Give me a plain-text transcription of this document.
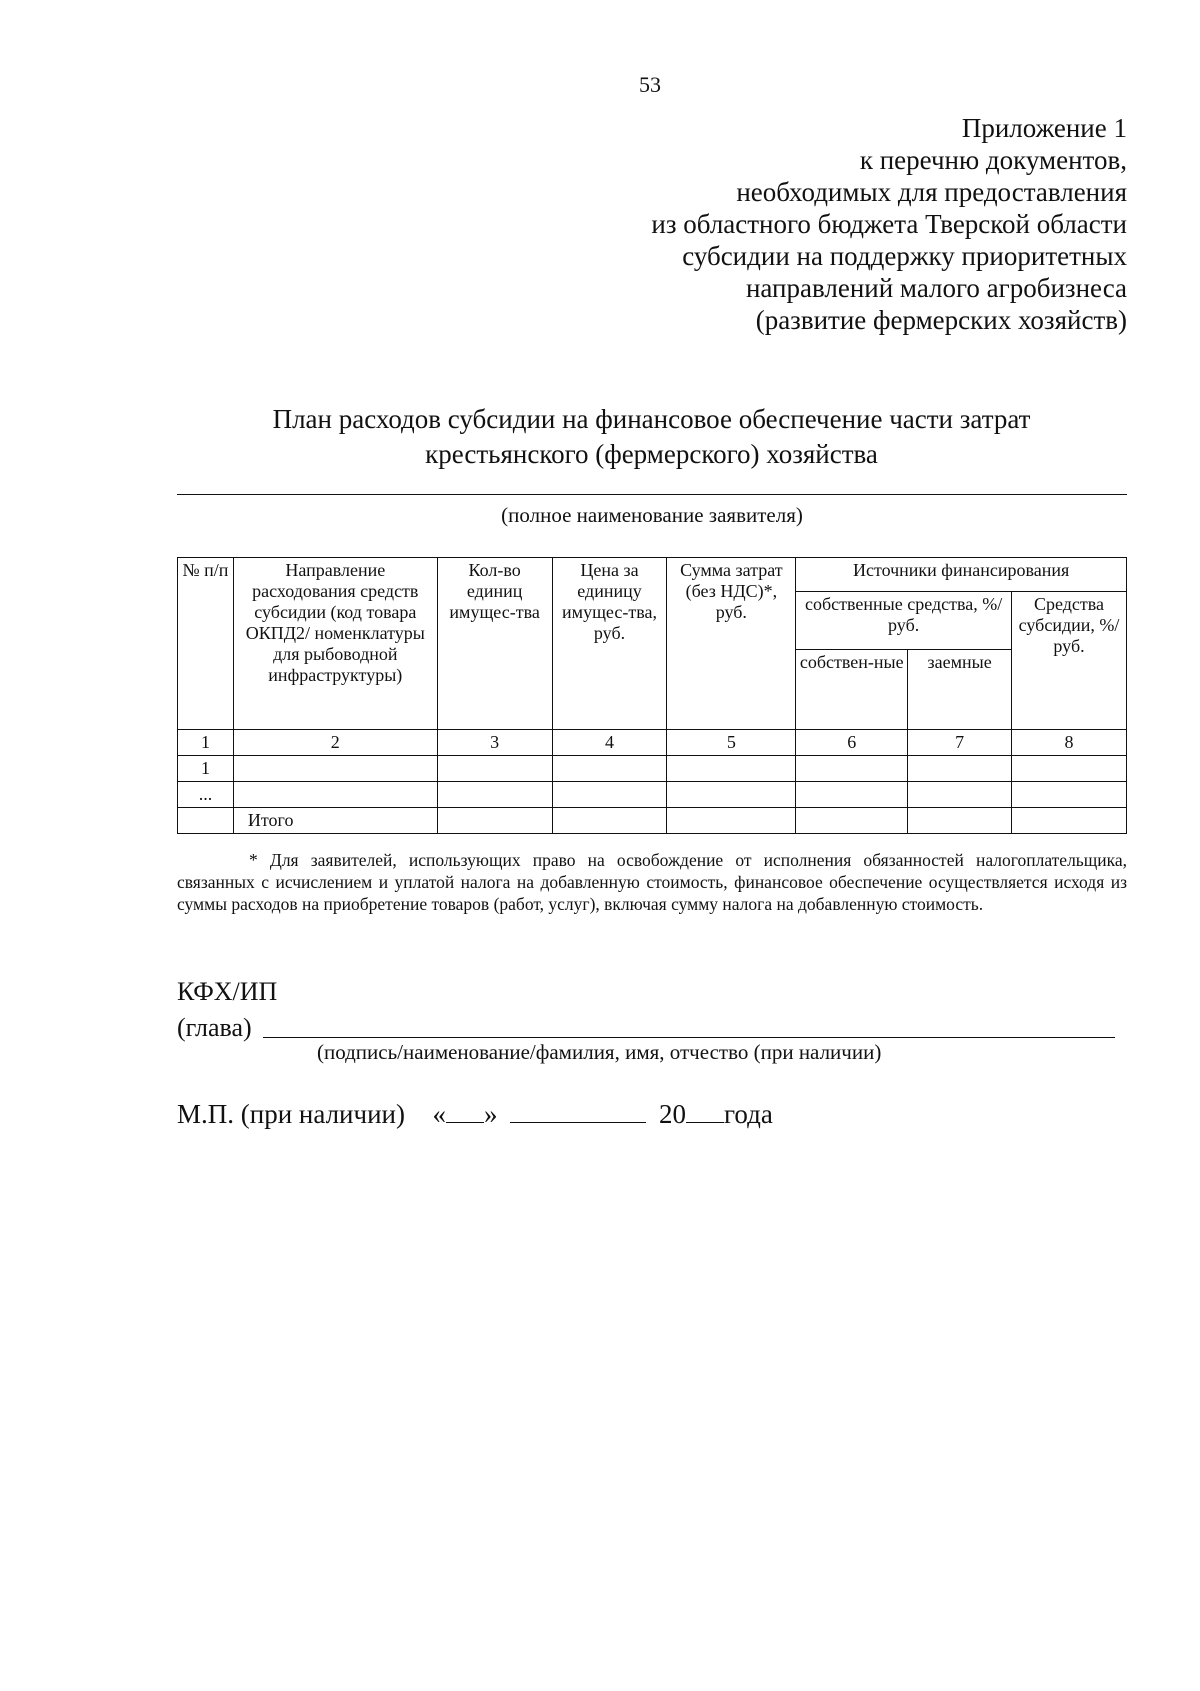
53
Приложение 1
к перечню документов,
необходимых для предоставления
из областного бюджета Тверской области
субсидии на поддержку приоритетных
направлений малого агробизнеса
(развитие фермерских хозяйств)
План расходов субсидии на финансовое обеспечение части затрат
крестьянского (фермерского) хозяйства
(полное наименование заявителя)
№ п/п	Направление расходования средств субсидии (код товара ОКПД2/ номенклатуры для рыбоводной инфраструктуры)	Кол-во единиц имущес-тва	Цена за единицу имущес-тва, руб.	Сумма затрат (без НДС)*, руб.	Источники финансирования		
					собственные средства, %/руб.		Средства субсидии, %/руб.
					собствен-ные	заемные	
1	2	3	4	5	6	7	8
1							
...							
	Итого						
* Для заявителей, использующих право на освобождение от исполнения обязанностей налогоплательщика, связанных с исчислением и уплатой налога на добавленную стоимость, финансовое обеспечение осуществляется исходя из суммы расходов на приобретение товаров (работ, услуг), включая сумму налога на добавленную стоимость.
КФХ/ИП
(глава)
(подпись/наименование/фамилия, имя, отчество (при наличии)
М.П. (при наличии) « »	20 года
